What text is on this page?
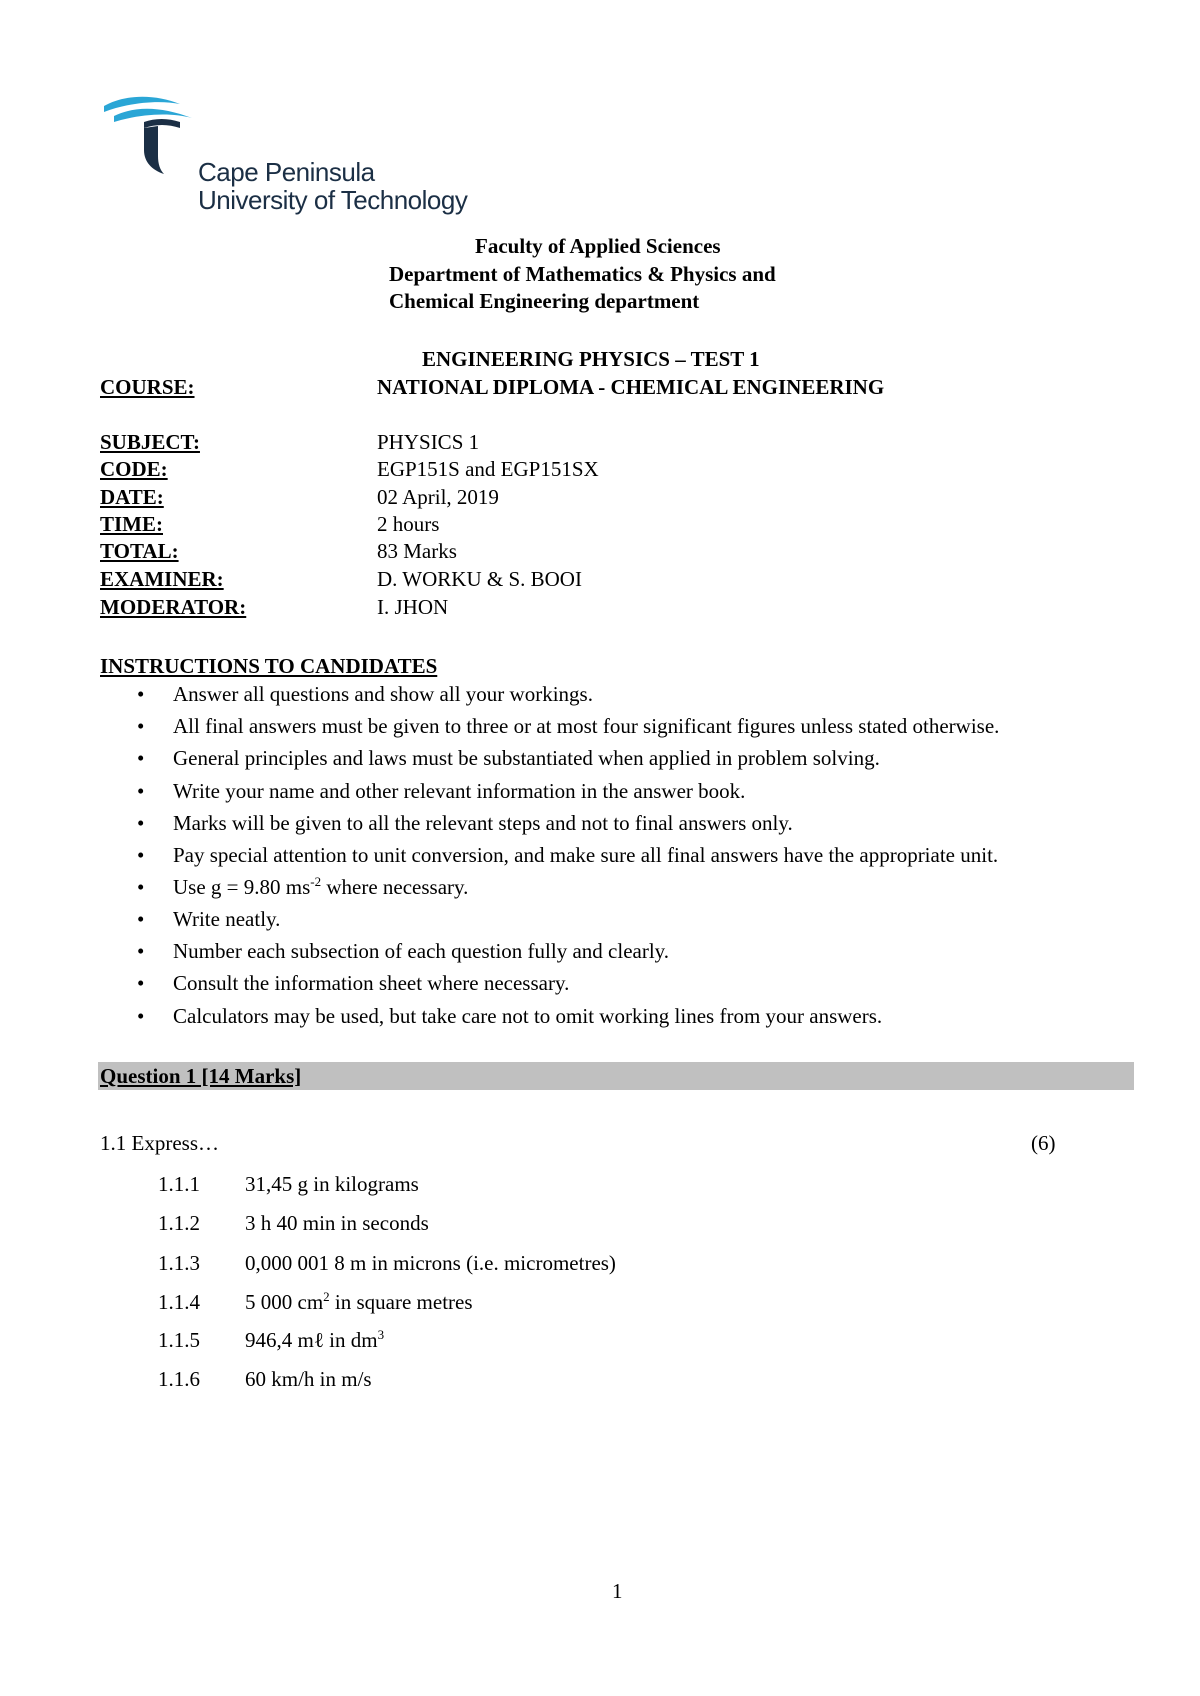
Cape Peninsula
University of Technology
Faculty of Applied Sciences
Department of Mathematics & Physics and
Chemical Engineering department
ENGINEERING PHYSICS – TEST 1
COURSE:	NATIONAL DIPLOMA - CHEMICAL ENGINEERING
SUBJECT:	PHYSICS 1
CODE:	EGP151S and EGP151SX
DATE:	02 April, 2019
TIME:	2 hours
TOTAL:	83 Marks
EXAMINER:	D. WORKU & S. BOOI
MODERATOR:	I. JHON
INSTRUCTIONS TO CANDIDATES
• Answer all questions and show all your workings.
• All final answers must be given to three or at most four significant figures unless stated otherwise.
• General principles and laws must be substantiated when applied in problem solving.
• Write your name and other relevant information in the answer book.
• Marks will be given to all the relevant steps and not to final answers only.
• Pay special attention to unit conversion, and make sure all final answers have the appropriate unit.
• Use g = 9.80 $ms^{-2}$ where necessary.
• Write neatly.
• Number each subsection of each question fully and clearly.
• Consult the information sheet where necessary.
• Calculators may be used, but take care not to omit working lines from your answers.
Question 1 [14 Marks]
1.1 Express…	(6)
1.1.1 31,45 g in kilograms
1.1.2 3 h 40 min in seconds
1.1.3 0,000 001 8 m in microns (i.e. micrometres)
1.1.4 5 000 $cm^2$ in square metres
1.1.5 946,4 mℓ in $dm^3$
1.1.6 60 km/h in m/s
1
